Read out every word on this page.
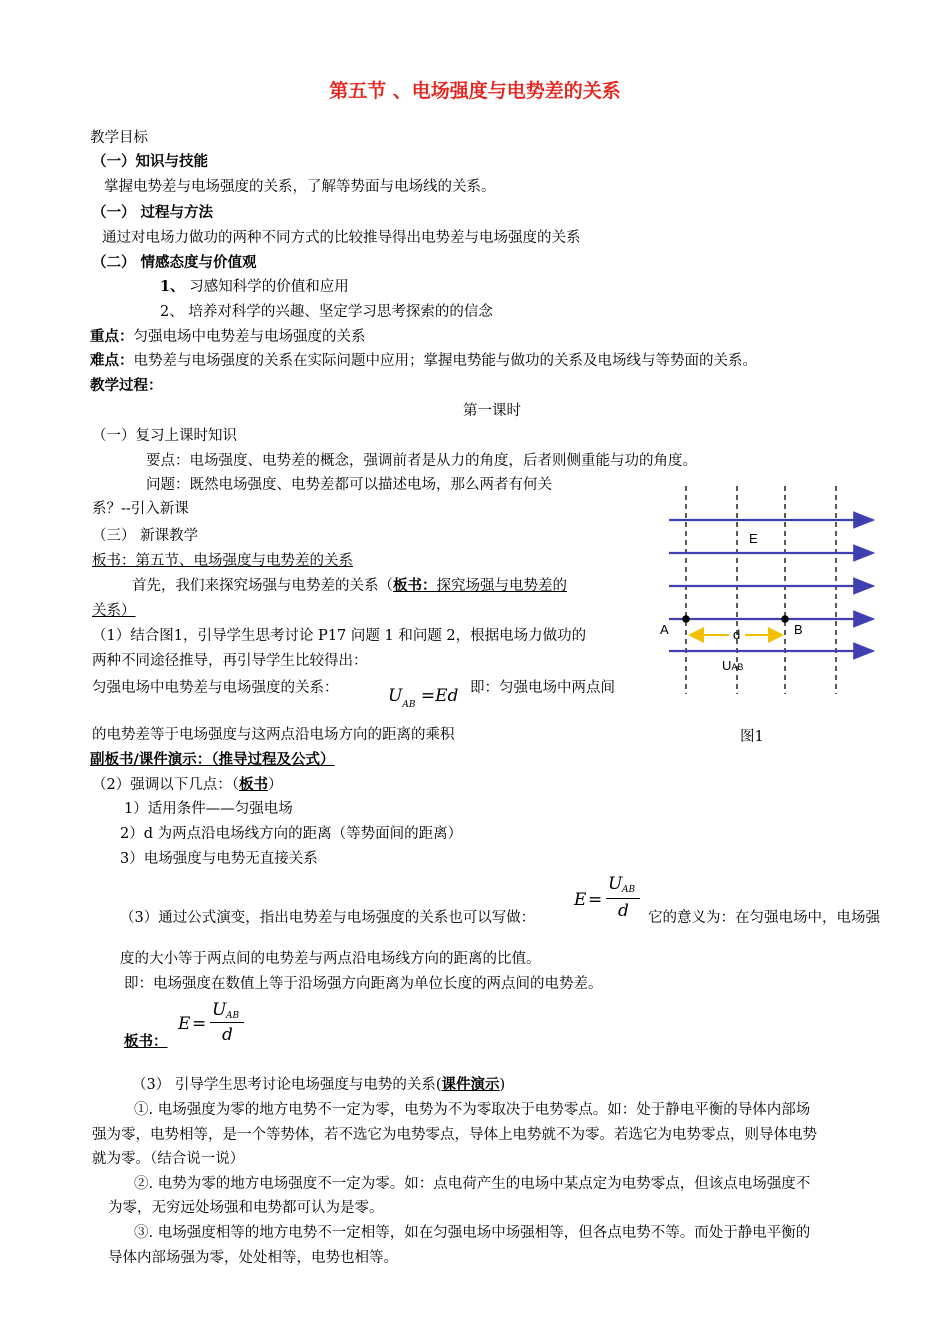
第五节 、电场强度与电势差的关系
教学目标
（一）知识与技能
掌握电势差与电场强度的关系，了解等势面与电场线的关系。
（一） 过程与方法
通过对电场力做功的两种不同方式的比较推导得出电势差与电场强度的关系
（二） 情感态度与价值观
1、 习感知科学的价值和应用
2、 培养对科学的兴趣、坚定学习思考探索的的信念
重点：匀强电场中电势差与电场强度的关系
难点：电势差与电场强度的关系在实际问题中应用；掌握电势能与做功的关系及电场线与等势面的关系。
教学过程：
第一课时
（一）复习上课时知识
要点：电场强度、电势差的概念，强调前者是从力的角度，后者则侧重能与功的角度。
问题：既然电场强度、电势差都可以描述电场，那么两者有何关
系？--引入新课
（三） 新课教学
板书：第五节、电场强度与电势差的关系
首先，我们来探究场强与电势差的关系（板书：探究场强与电势差的
关系）
（1）结合图1，引导学生思考讨论 P17 问题 1 和问题 2，根据电场力做功的
两种不同途径推导，再引导学生比较得出：
匀强电场中电势差与电场强度的关系：	$U_{AB} =Ed$ 即：匀强电场中两点间
的电势差等于电场强度与这两点沿电场方向的距离的乘积
副板书/课件演示：（推导过程及公式）
（2）强调以下几点：（板书）
1）适用条件——匀强电场
2）d 为两点沿电场线方向的距离（等势面间的距离）
3）电场强度与电势无直接关系
（3）通过公式演变，指出电势差与电场强度的关系也可以写做：
E =
U AB
d 它的意义为：在匀强电场中，电场强
度的大小等于两点间的电势差与两点沿电场线方向的距离的比值。
即：电场强度在数值上等于沿场强方向距离为单位长度的两点间的电势差。
E =
U AB
d
板书：
（3） 引导学生思考讨论电场强度与电势的关系(课件演示)
①. 电场强度为零的地方电势不一定为零，电势为不为零取决于电势零点。如：处于静电平衡的导体内部场
强为零，电势相等，是一个等势体，若不选它为电势零点，导体上电势就不为零。若选它为电势零点，则导体电势
就为零。（结合说一说）
②. 电势为零的地方电场强度不一定为零。如：点电荷产生的电场中某点定为电势零点，但该点电场强度不
为零，无穷远处场强和电势都可认为是零。
③. 电场强度相等的地方电势不一定相等，如在匀强电场中场强相等，但各点电势不等。而处于静电平衡的
导体内部场强为零，处处相等，电势也相等。
E
A	B
d
UAB
图1
